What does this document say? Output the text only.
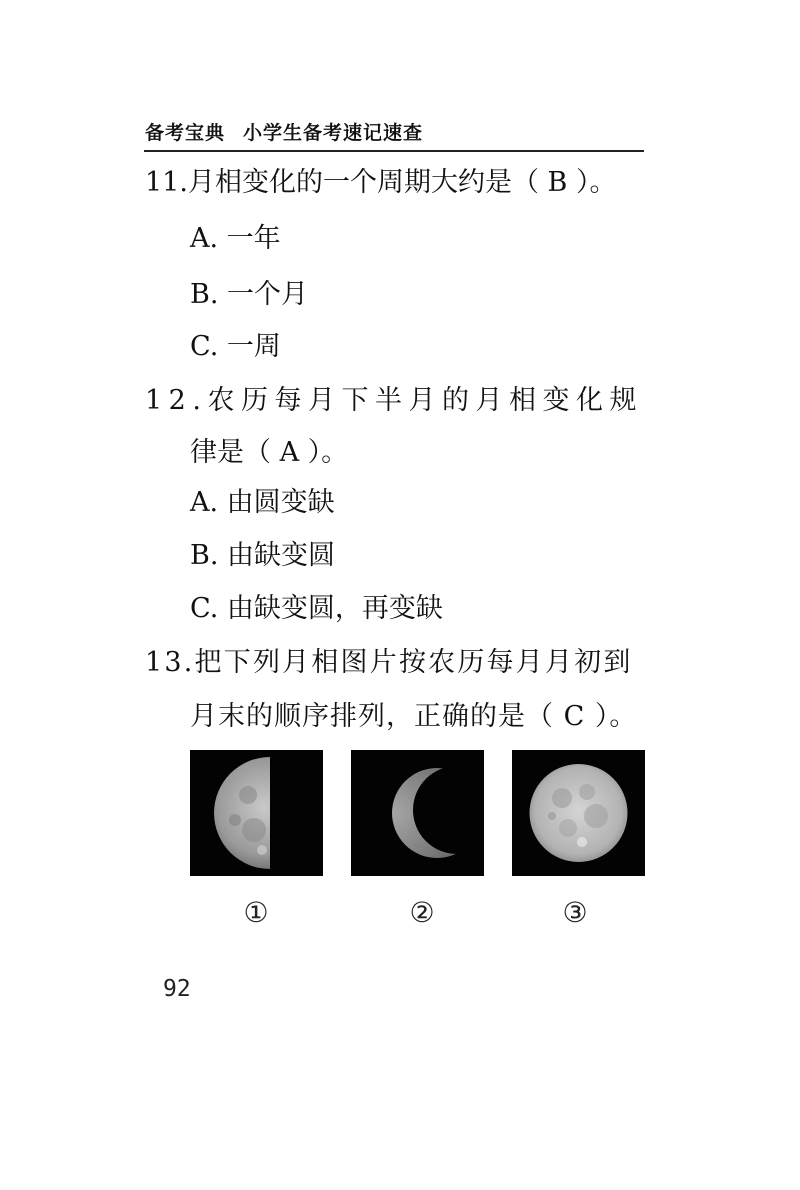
备考宝典 小学生备考速记速查
11.月相变化的一个周期大约是（ B ）。
A. 一年
B. 一个月
C. 一周
12.农历每月下半月的月相变化规
律是（ A ）。
A. 由圆变缺
B. 由缺变圆
C. 由缺变圆，再变缺
13.把下列月相图片按农历每月月初到
月末的顺序排列，正确的是（ C ）。
①	②	③
92
